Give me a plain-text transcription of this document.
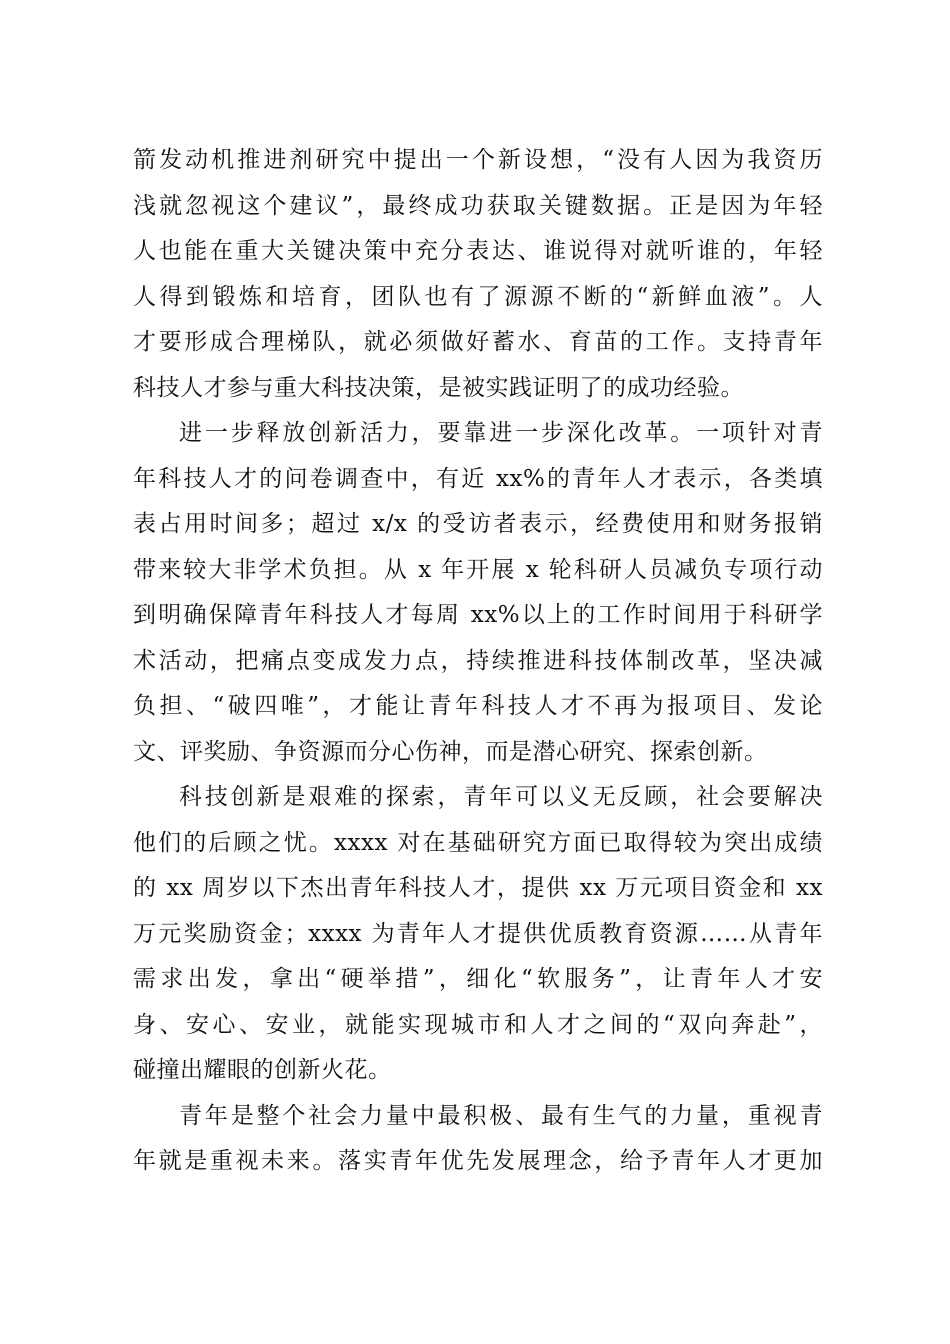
箭发动机推进剂研究中提出一个新设想，“没有人因为我资历
浅就忽视这个建议”，最终成功获取关键数据。正是因为年轻
人也能在重大关键决策中充分表达、谁说得对就听谁的，年轻
人得到锻炼和培育，团队也有了源源不断的“新鲜血液”。人
才要形成合理梯队，就必须做好蓄水、育苗的工作。支持青年
科技人才参与重大科技决策，是被实践证明了的成功经验。
进一步释放创新活力，要靠进一步深化改革。一项针对青
年科技人才的问卷调查中，有近 xx%的青年人才表示，各类填
表占用时间多；超过 x/x 的受访者表示，经费使用和财务报销
带来较大非学术负担。从 x 年开展 x 轮科研人员减负专项行动
到明确保障青年科技人才每周 xx%以上的工作时间用于科研学
术活动，把痛点变成发力点，持续推进科技体制改革，坚决减
负担、“破四唯”，才能让青年科技人才不再为报项目、发论
文、评奖励、争资源而分心伤神，而是潜心研究、探索创新。
科技创新是艰难的探索，青年可以义无反顾，社会要解决
他们的后顾之忧。xxxx 对在基础研究方面已取得较为突出成绩
的 xx 周岁以下杰出青年科技人才，提供 xx 万元项目资金和 xx
万元奖励资金；xxxx 为青年人才提供优质教育资源……从青年
需求出发，拿出“硬举措”，细化“软服务”，让青年人才安
身、安心、安业，就能实现城市和人才之间的“双向奔赴”，
碰撞出耀眼的创新火花。
青年是整个社会力量中最积极、最有生气的力量，重视青
年就是重视未来。落实青年优先发展理念，给予青年人才更加
